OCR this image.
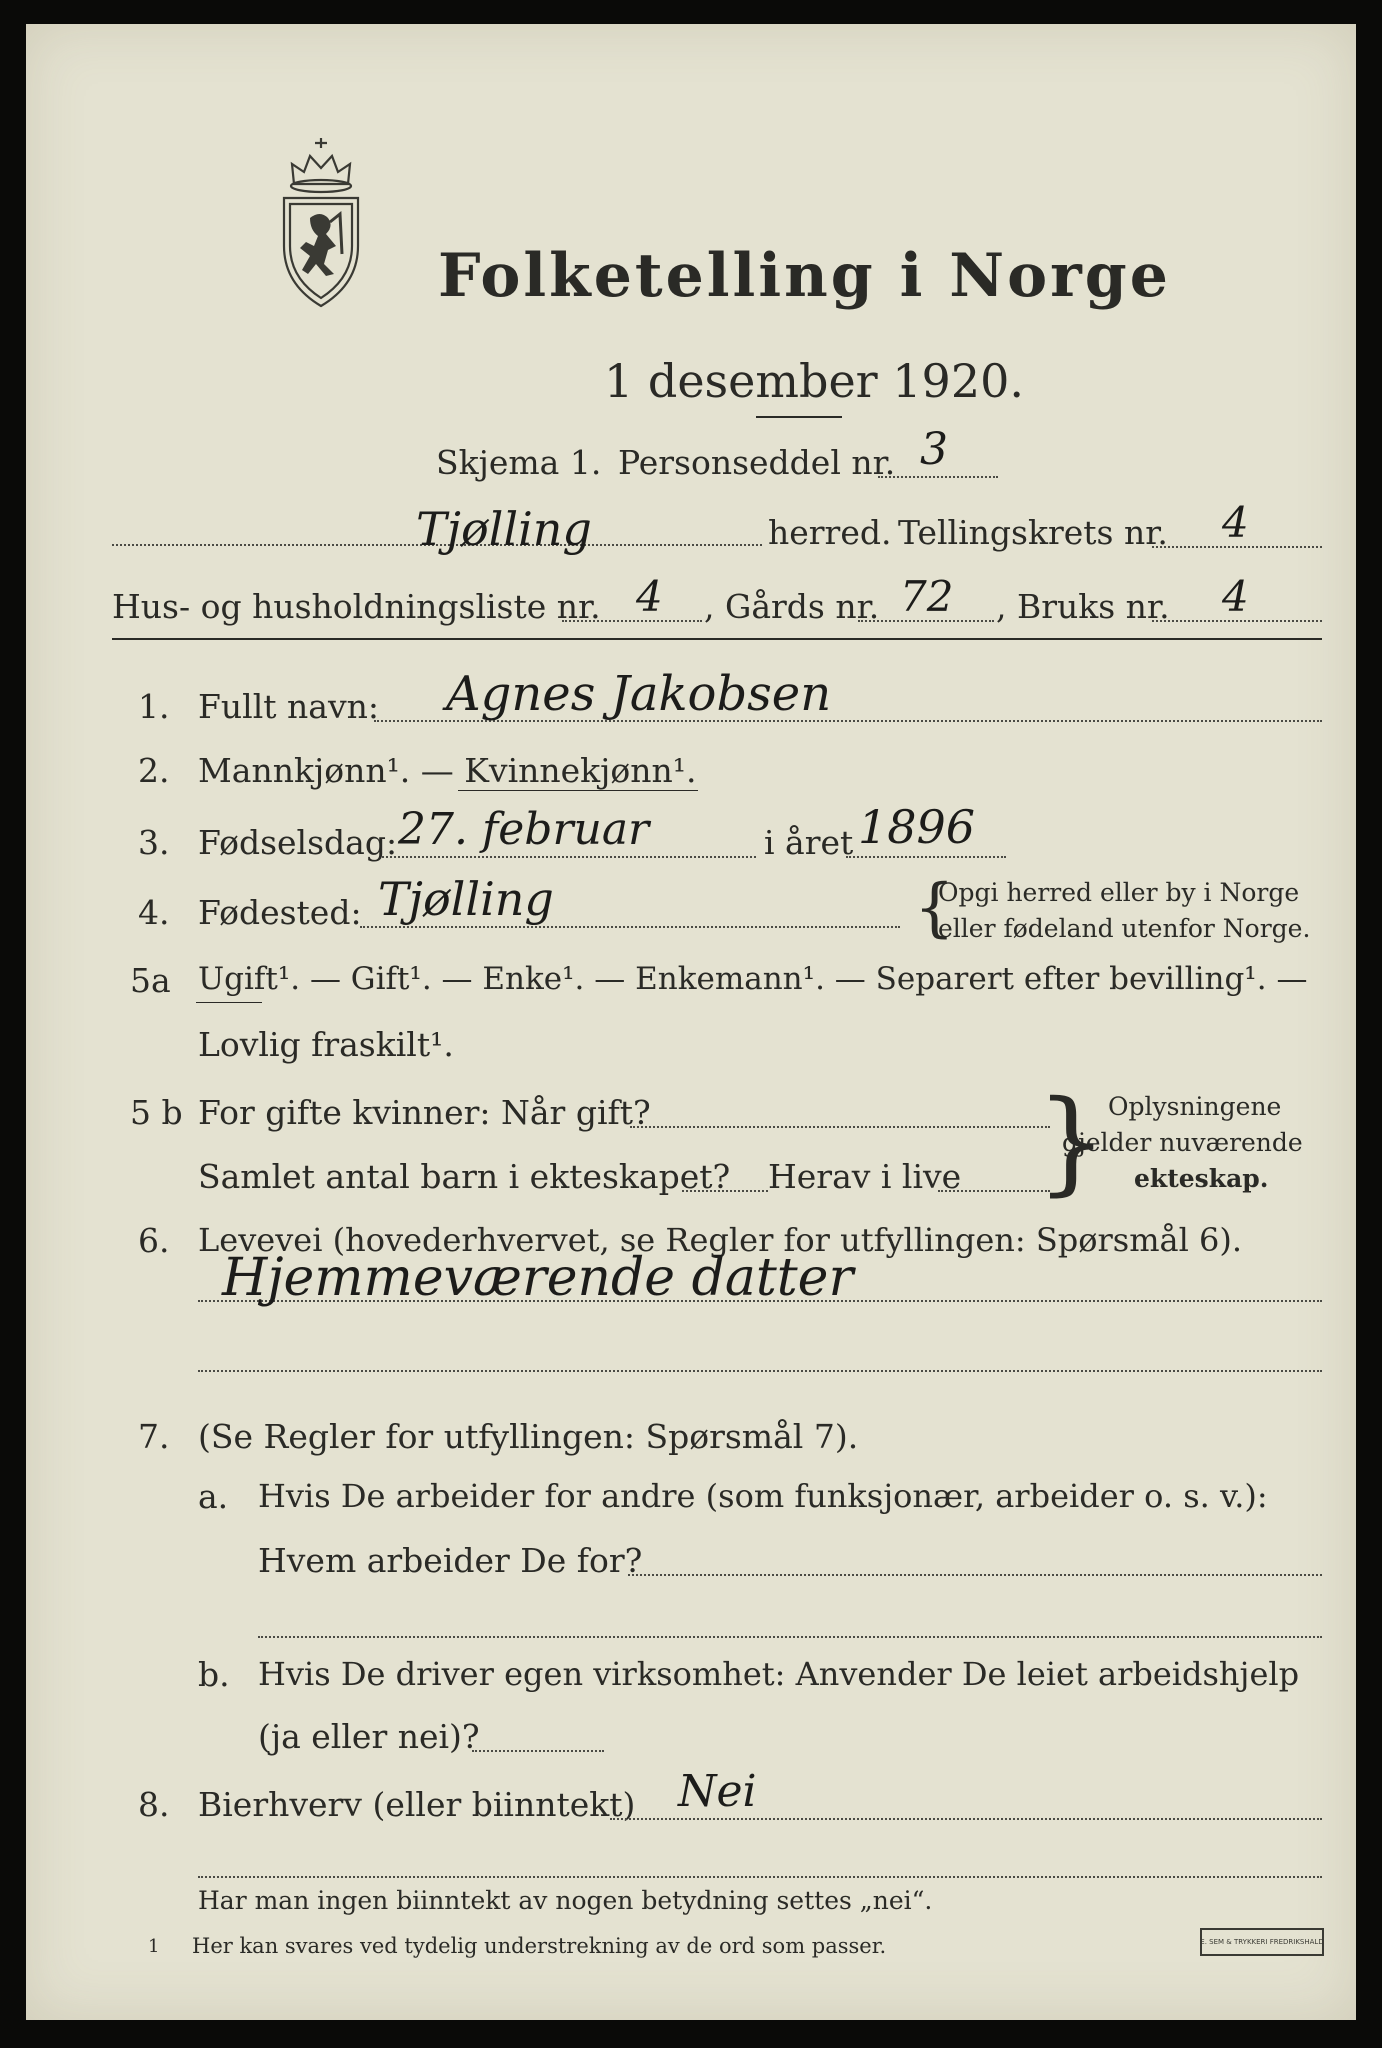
Folketelling i Norge
1 desember 1920.
Skjema 1. Personseddel nr. 3
Tjølling	herred. Tellingskrets nr. 4
Hus- og husholdningsliste nr. 4 , Gårds nr. 72 , Bruks nr. 4
1. Fullt navn: Agnes Jakobsen
2. Mannkjønn¹. — Kvinnekjønn¹.
3. Fødselsdag: 27. februar	i året 1896
4. Fødested: Tjølling	{
Opgi herred eller by i Norge
eller fødeland utenfor Norge.
5a Ugift¹. — Gift¹. — Enke¹. — Enkemann¹. — Separert efter bevilling¹. —
Lovlig fraskilt¹.
5 b For gifte kvinner: Når gift?
Samlet antal barn i ekteskapet? Herav i live } Oplysningene
gjelder nuværende
ekteskap.
6. Levevei (hovederhvervet, se Regler for utfyllingen: Spørsmål 6).
Hjemmeværende datter
7. (Se Regler for utfyllingen: Spørsmål 7).
a. Hvis De arbeider for andre (som funksjonær, arbeider o. s. v.):
Hvem arbeider De for?
b. Hvis De driver egen virksomhet: Anvender De leiet arbeidshjelp
(ja eller nei)?
8. Bierhverv (eller biinntekt) Nei
Har man ingen biinntekt av nogen betydning settes „nei“.
1 Her kan svares ved tydelig understrekning av de ord som passer.	E. SEM & TRYKKERI FREDRIKSHALD
